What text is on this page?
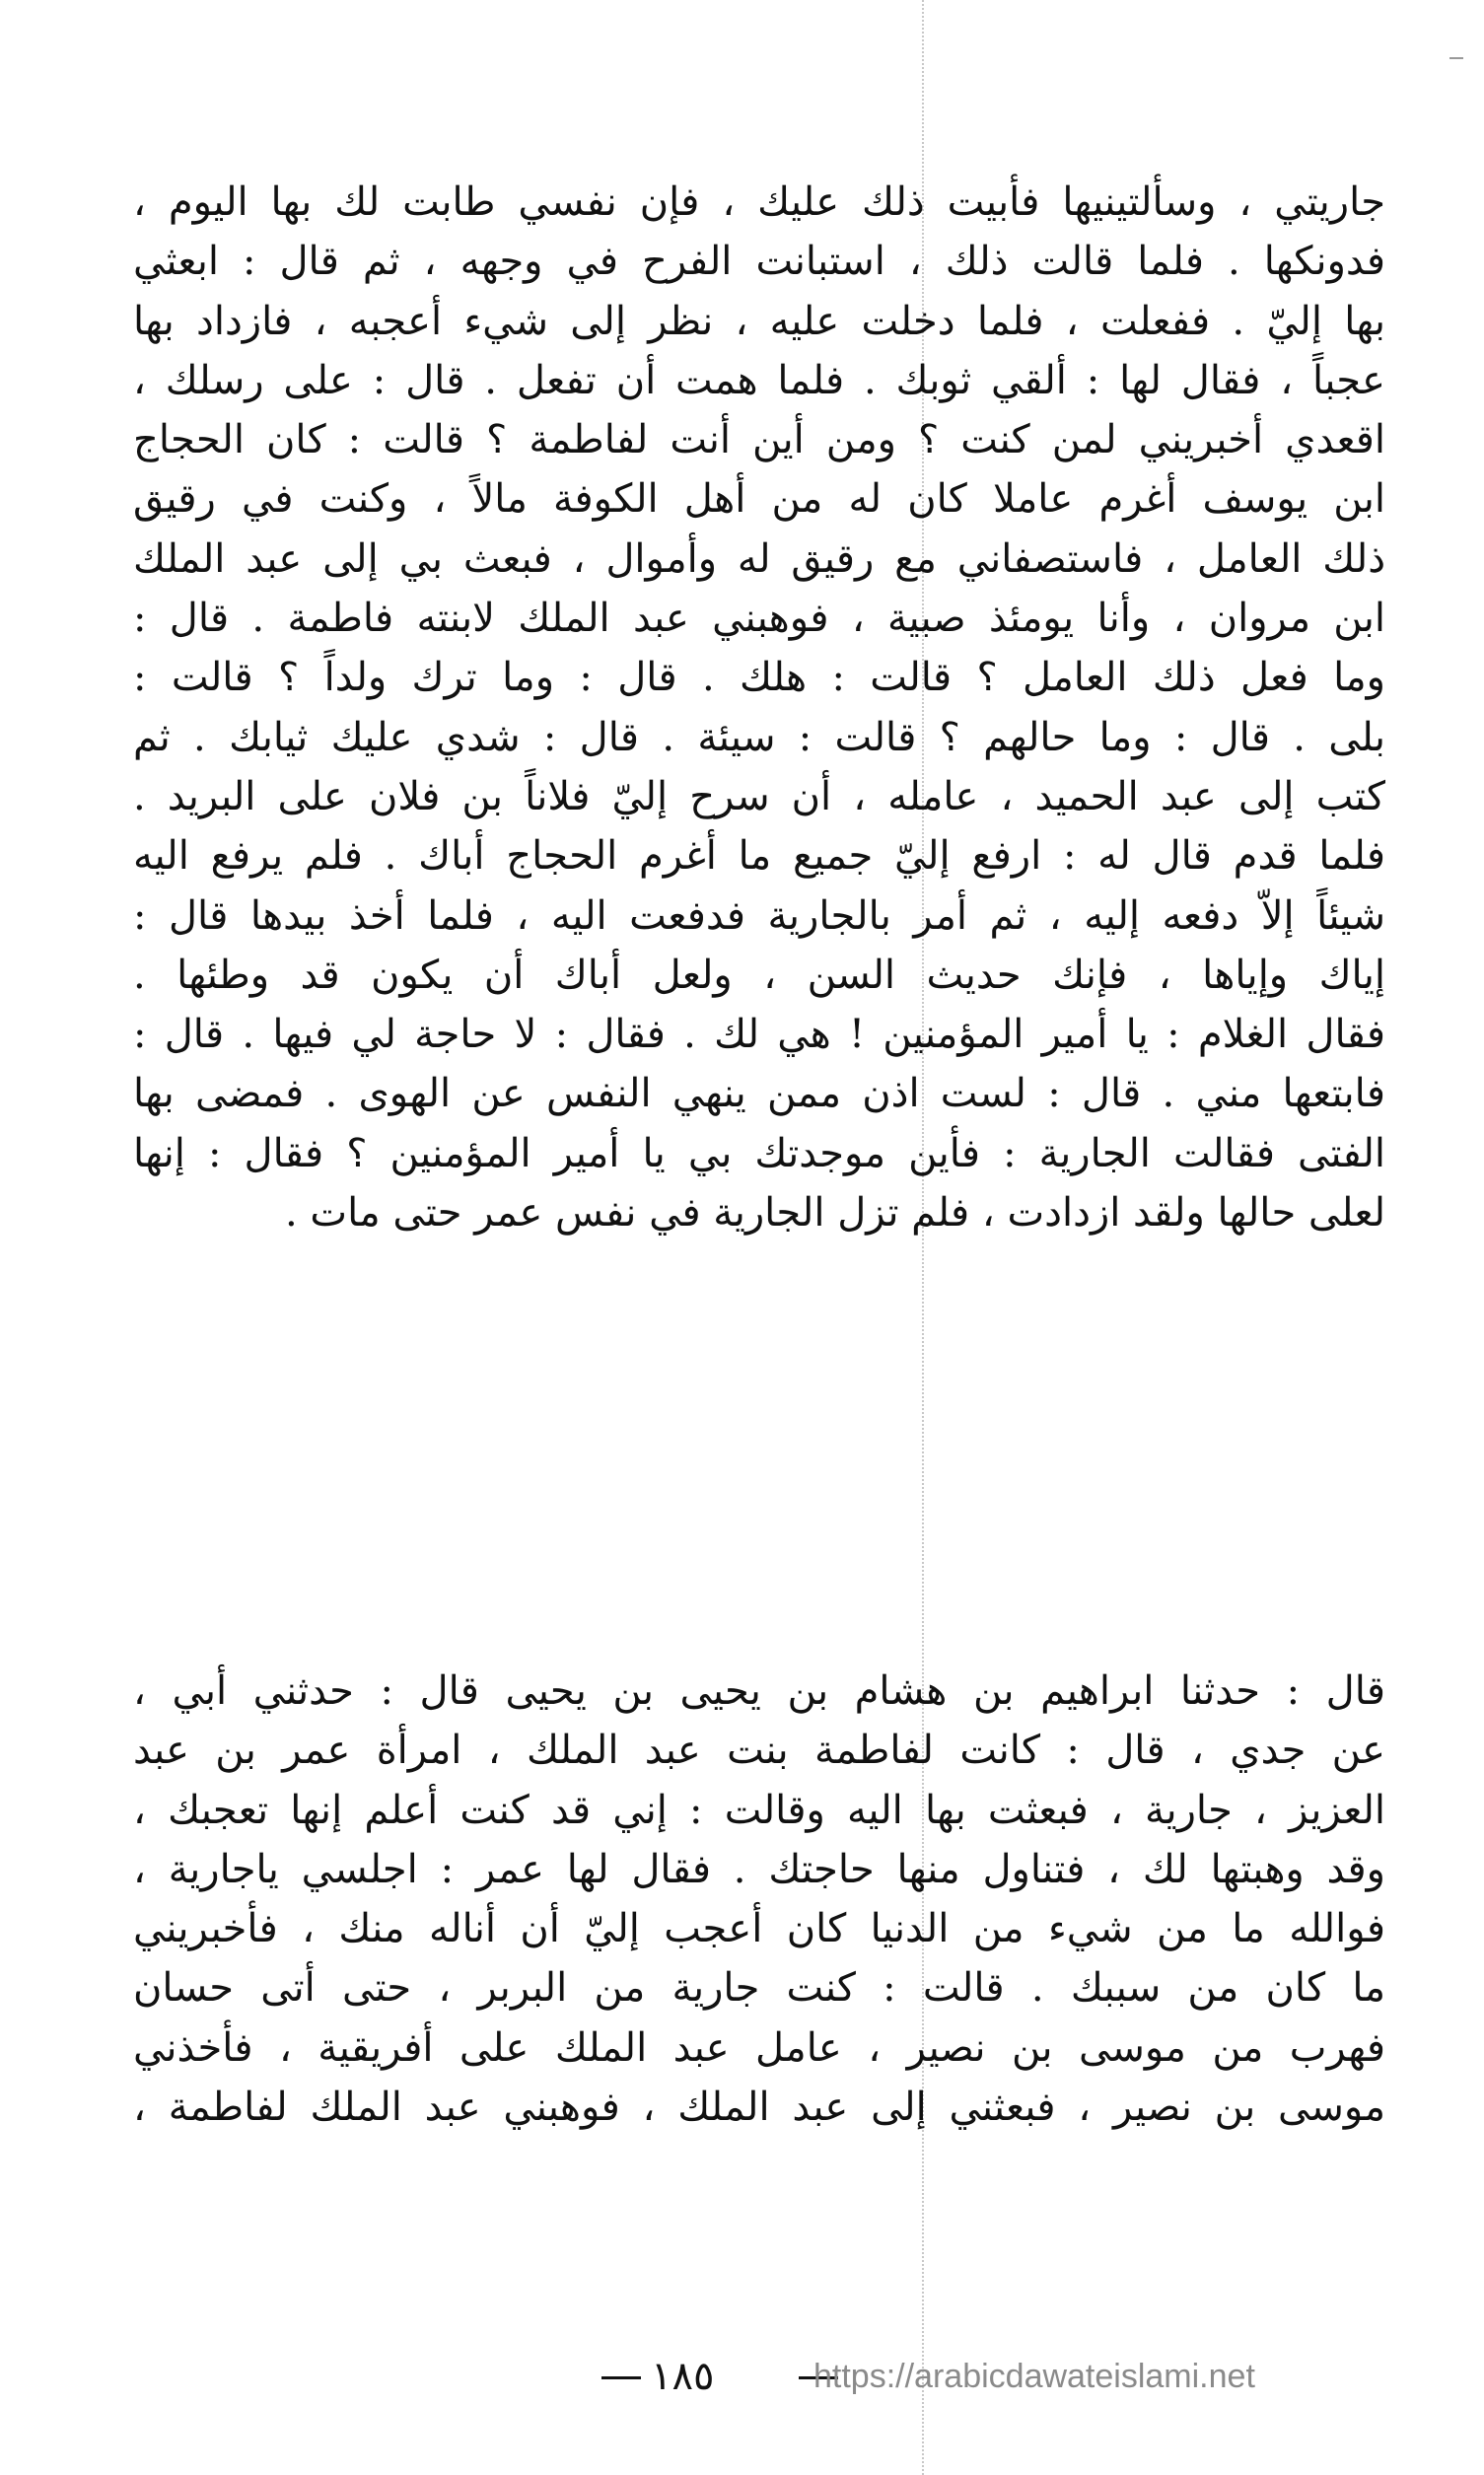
جاريتي ، وسألتينيها فأبيت ذلك عليك ، فإن نفسي طابت لك بها اليوم ،
فدونكها . فلما قالت ذلك ، استبانت الفرح في وجهه ، ثم قال : ابعثي
بها إليّ . ففعلت ، فلما دخلت عليه ، نظر إلى شيء أعجبه ، فازداد بها
عجباً ، فقال لها : ألقي ثوبك . فلما همت أن تفعل . قال : على رسلك ،
اقعدي أخبريني لمن كنت ؟ ومن أين أنت لفاطمة ؟ قالت : كان الحجاج
ابن يوسف أغرم عاملا كان له من أهل الكوفة مالاً ، وكنت في رقيق
ذلك العامل ، فاستصفاني مع رقيق له وأموال ، فبعث بي إلى عبد الملك
ابن مروان ، وأنا يومئذ صبية ، فوهبني عبد الملك لابنته فاطمة . قال :
وما فعل ذلك العامل ؟ قالت : هلك . قال : وما ترك ولداً ؟ قالت :
بلى . قال : وما حالهم ؟ قالت : سيئة . قال : شدي عليك ثيابك . ثم
كتب إلى عبد الحميد ، عامله ، أن سرح إليّ فلاناً بن فلان على البريد .
فلما قدم قال له : ارفع إليّ جميع ما أغرم الحجاج أباك . فلم يرفع اليه
شيئاً إلاّ دفعه إليه ، ثم أمر بالجارية فدفعت اليه ، فلما أخذ بيدها قال :
إياك وإياها ، فإنك حديث السن ، ولعل أباك أن يكون قد وطئها .
فقال الغلام : يا أمير المؤمنين ! هي لك . فقال : لا حاجة لي فيها . قال :
فابتعها مني . قال : لست اذن ممن ينهي النفس عن الهوى . فمضى بها
الفتى فقالت الجارية : فأين موجدتك بي يا أمير المؤمنين ؟ فقال : إنها
لعلى حالها ولقد ازدادت ، فلم تزل الجارية في نفس عمر حتى مات .
قال : حدثنا ابراهيم بن هشام بن يحيى بن يحيى قال : حدثني أبي ،
عن جدي ، قال : كانت لفاطمة بنت عبد الملك ، امرأة عمر بن عبد
العزيز ، جارية ، فبعثت بها اليه وقالت : إني قد كنت أعلم إنها تعجبك ،
وقد وهبتها لك ، فتناول منها حاجتك . فقال لها عمر : اجلسي ياجارية ،
فوالله ما من شيء من الدنيا كان أعجب إليّ أن أناله منك ، فأخبريني
ما كان من سببك . قالت : كنت جارية من البربر ، حتى أتى حسان
فهرب من موسى بن نصير ، عامل عبد الملك على أفريقية ، فأخذني
موسى بن نصير ، فبعثني إلى عبد الملك ، فوهبني عبد الملك لفاطمة ،
١٨٥	https://arabicdawateislami.net
